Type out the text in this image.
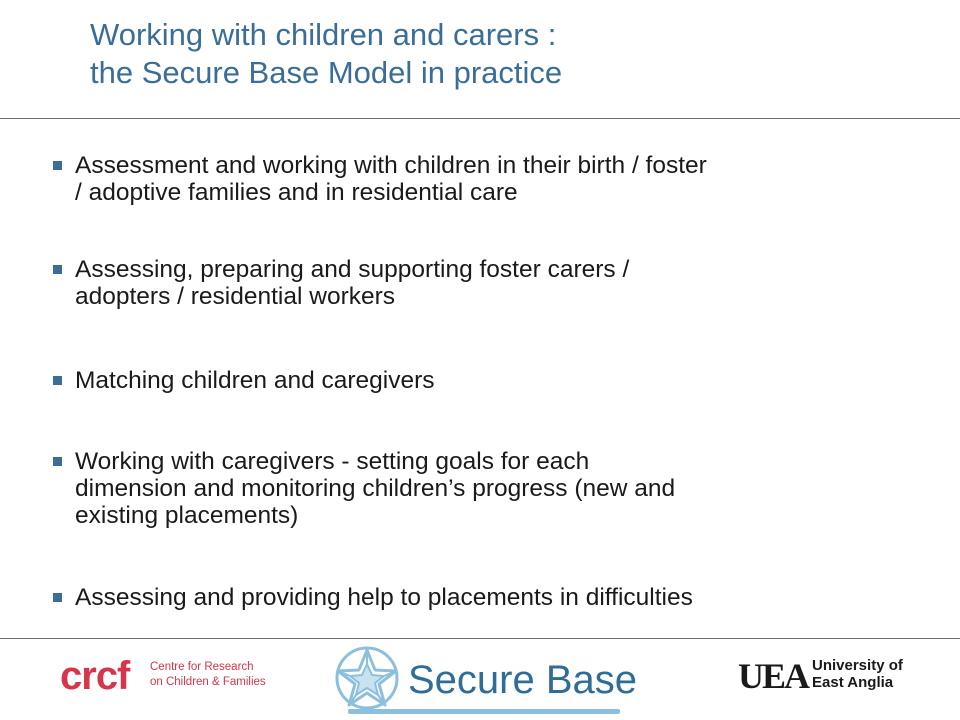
Working with children and carers :
the Secure Base Model in practice
Assessment and working with children in their birth / foster
/ adoptive families and in residential care
Assessing, preparing and supporting foster carers /
adopters / residential workers
Matching children and caregivers
Working with caregivers - setting goals for each
dimension and monitoring children’s progress (new and
existing placements)
Assessing and providing help to placements in difficulties
crcf Centre for Research
on Children & Families	Secure Base	UEA University of
East Anglia
